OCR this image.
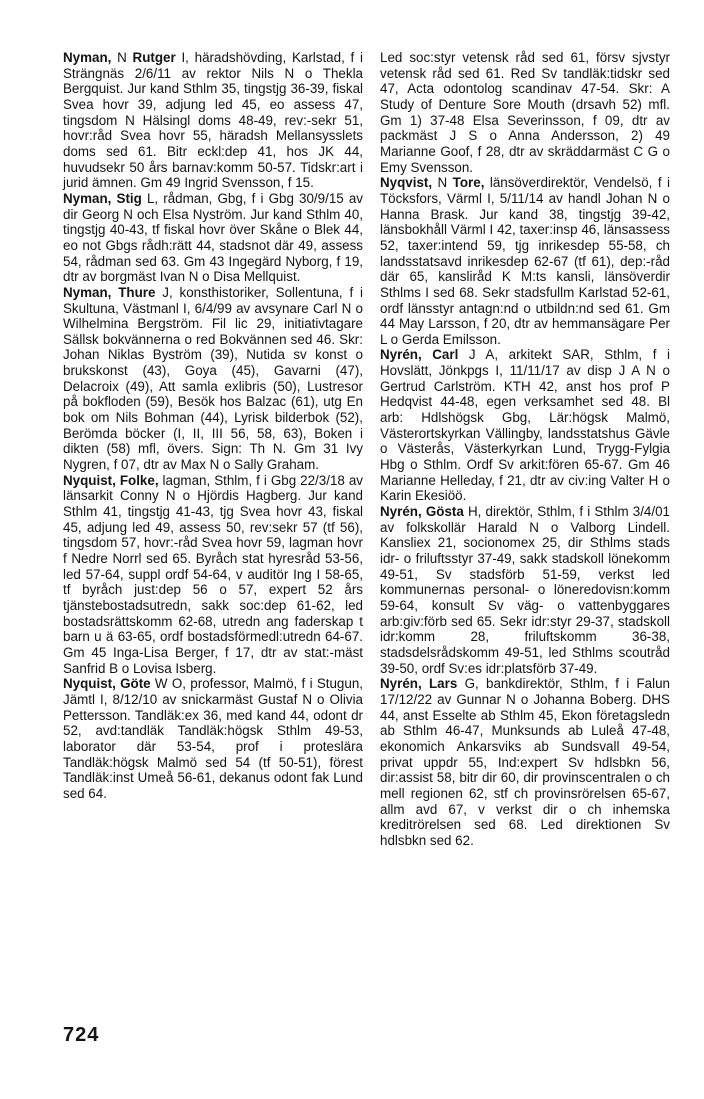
Nyman, N Rutger I, häradshövding, Karlstad, f i Strängnäs 2/6/11 av rektor Nils N o Thekla Bergquist. Jur kand Sthlm 35, tingstjg 36-39, fiskal Svea hovr 39, adjung led 45, eo assess 47, tingsdom N Hälsingl doms 48-49, rev:-sekr 51, hovr:råd Svea hovr 55, häradsh Mellansysslets doms sed 61. Bitr eckl:dep 41, hos JK 44, huvudsekr 50 års barnav:komm 50-57. Tidskr:art i jurid ämnen. Gm 49 Ingrid Svensson, f 15.

Nyman, Stig L, rådman, Gbg, f i Gbg 30/9/15 av dir Georg N och Elsa Nyström. Jur kand Sthlm 40, tingstjg 40-43, tf fiskal hovr över Skåne o Blek 44, eo not Gbgs rådh:rätt 44, stadsnot där 49, assess 54, rådman sed 63. Gm 43 Ingegärd Nyborg, f 19, dtr av borgmäst Ivan N o Disa Mellquist.

Nyman, Thure J, konsthistoriker, Sollentuna, f i Skultuna, Västmanl I, 6/4/99 av avsynare Carl N o Wilhelmina Bergström. Fil lic 29, initiativtagare Sällsk bokvännerna o red Bokvännen sed 46. Skr: Johan Niklas Byström (39), Nutida sv konst o brukskonst (43), Goya (45), Gavarni (47), Delacroix (49), Att samla exlibris (50), Lustresor på bokfloden (59), Besök hos Balzac (61), utg En bok om Nils Bohman (44), Lyrisk bilderbok (52), Berömda böcker (I, II, III 56, 58, 63), Boken i dikten (58) mfl, övers. Sign: Th N. Gm 31 Ivy Nygren, f 07, dtr av Max N o Sally Graham.

Nyquist, Folke, lagman, Sthlm, f i Gbg 22/3/18 av länsarkit Conny N o Hjördis Hagberg. Jur kand Sthlm 41, tingstjg 41-43, tjg Svea hovr 43, fiskal 45, adjung led 49, assess 50, rev:sekr 57 (tf 56), tingsdom 57, hovr:-råd Svea hovr 59, lagman hovr f Nedre Norrl sed 65. Byråch stat hyresråd 53-56, led 57-64, suppl ordf 54-64, v auditör Ing I 58-65, tf byråch just:dep 56 o 57, expert 52 års tjänstebostadsutredn, sakk soc:dep 61-62, led bostadsrättskomm 62-68, utredn ang faderskap t barn u ä 63-65, ordf bostadsförmedl:utredn 64-67. Gm 45 Inga-Lisa Berger, f 17, dtr av stat:-mäst Sanfrid B o Lovisa Isberg.

Nyquist, Göte W O, professor, Malmö, f i Stugun, Jämtl I, 8/12/10 av snickarmäst Gustaf N o Olivia Pettersson. Tandläk:ex 36, med kand 44, odont dr 52, avd:tandläk Tandläk:högsk Sthlm 49-53, laborator där 53-54, prof i proteslära Tandläk:högsk Malmö sed 54 (tf 50-51), förest Tandläk:inst Umeå 56-61, dekanus odont fak Lund sed 64.

Led soc:styr vetensk råd sed 61, försv sjvstyr vetensk råd sed 61. Red Sv tandläk:tidskr sed 47, Acta odontolog scandinav 47-54. Skr: A Study of Denture Sore Mouth (drsavh 52) mfl. Gm 1) 37-48 Elsa Severinsson, f 09, dtr av packmäst J S o Anna Andersson, 2) 49 Marianne Goof, f 28, dtr av skräddarmäst C G o Emy Svensson.

Nyqvist, N Tore, länsöverdirektör, Vendelsö, f i Töcksfors, Värml I, 5/11/14 av handl Johan N o Hanna Brask. Jur kand 38, tingstjg 39-42, länsbokhåll Värml I 42, taxer:insp 46, länsassess 52, taxer:intend 59, tjg inrikesdep 55-58, ch landsstatsavd inrikesdep 62-67 (tf 61), dep:-råd där 65, kanslіråd K M:ts kansli, länsöverdir Sthlms I sed 68. Sekr stadsfullm Karlstad 52-61, ordf länsstyr antagn:nd o utbildn:nd sed 61. Gm 44 May Larsson, f 20, dtr av hemmansägare Per L o Gerda Emilsson.

Nyrén, Carl J A, arkitekt SAR, Sthlm, f i Hovslätt, Jönkpgs I, 11/11/17 av disp J A N o Gertrud Carlström. KTH 42, anst hos prof P Hedqvist 44-48, egen verksamhet sed 48. Bl arb: Hdlshögsk Gbg, Lär:högsk Malmö, Västerortskyrkan Vällingby, landsstatshus Gävle o Västerås, Västerkyrkan Lund, Trygg-Fylgia Hbg o Sthlm. Ordf Sv arkit:fören 65-67. Gm 46 Marianne Helleday, f 21, dtr av civ:ing Valter H o Karin Ekesiöö.

Nyrén, Gösta H, direktör, Sthlm, f i Sthlm 3/4/01 av folkskollär Harald N o Valborg Lindell. Kansliex 21, socionomex 25, dir Sthlms stads idr- o friluftsstyr 37-49, sakk stadskoll lönekomm 49-51, Sv stadsförb 51-59, verkst led kommunernas personal- o löneredovisn:komm 59-64, konsult Sv väg- o vattenbyggares arb:giv:förb sed 65. Sekr idr:styr 29-37, stadskoll idr:komm 28, friluftskomm 36-38, stadsdelsrådskomm 49-51, led Sthlms scoutråd 39-50, ordf Sv:es idr:platsförb 37-49.

Nyrén, Lars G, bankdirektör, Sthlm, f i Falun 17/12/22 av Gunnar N o Johanna Boberg. DHS 44, anst Esselte ab Sthlm 45, Ekon företagsledn ab Sthlm 46-47, Munksunds ab Luleå 47-48, ekonomich Ankarsviks ab Sundsvall 49-54, privat uppdr 55, Ind:expert Sv hdlsbkn 56, dir:assist 58, bitr dir 60, dir provinscentralen o ch mell regionen 62, stf ch provinsrörelsen 65-67, allm avd 67, v verkst dir o ch inhemska kreditrörelsen sed 68. Led direktionen Sv hdlsbkn sed 62.

724
